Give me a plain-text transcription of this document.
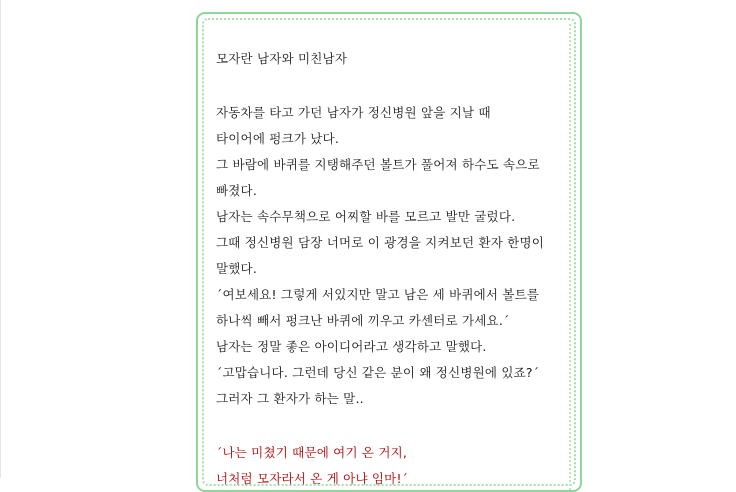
모자란 남자와 미친남자
자동차를 타고 가던 남자가 정신병원 앞을 지날 때
타이어에 펑크가 났다.
그 바람에 바퀴를 지탱해주던 볼트가 풀어져 하수도 속으로
빠졌다.
남자는 속수무책으로 어찌할 바를 모르고 발만 굴렀다.
그때 정신병원 담장 너머로 이 광경을 지켜보던 환자 한명이
말했다.
´여보세요! 그렇게 서있지만 말고 남은 세 바퀴에서 볼트를
하나씩 빼서 펑크난 바퀴에 끼우고 카센터로 가세요.´
남자는 정말 좋은 아이디어라고 생각하고 말했다.
´고맙습니다. 그런데 당신 같은 분이 왜 정신병원에 있죠?´
그러자 그 환자가 하는 말..
´나는 미쳤기 때문에 여기 온 거지,
너처럼 모자라서 온 게 아냐 임마!´
